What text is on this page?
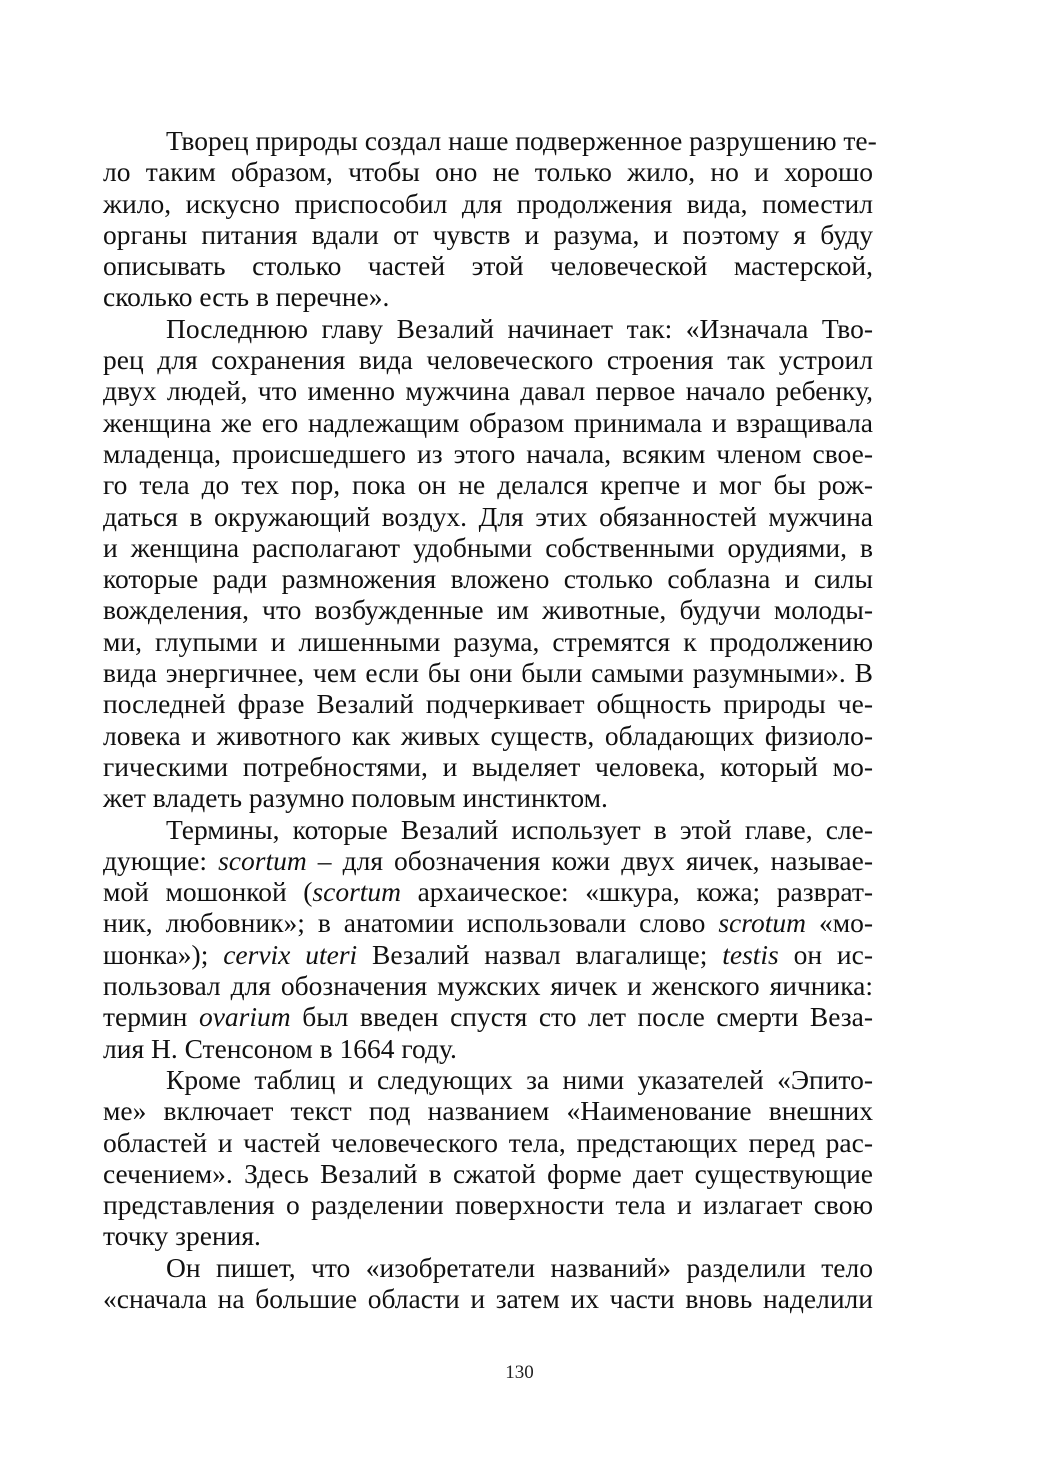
Творец природы создал наше подверженное разрушению те-
ло таким образом, чтобы оно не только жило, но и хорошо
жило, искусно приспособил для продолжения вида, поместил
органы питания вдали от чувств и разума, и поэтому я буду
описывать столько частей этой человеческой мастерской,
сколько есть в перечне».
Последнюю главу Везалий начинает так: «Изначала Тво-
рец для сохранения вида человеческого строения так устроил
двух людей, что именно мужчина давал первое начало ребенку,
женщина же его надлежащим образом принимала и взращивала
младенца, происшедшего из этого начала, всяким членом свое-
го тела до тех пор, пока он не делался крепче и мог бы рож-
даться в окружающий воздух. Для этих обязанностей мужчина
и женщина располагают удобными собственными орудиями, в
которые ради размножения вложено столько соблазна и силы
вожделения, что возбужденные им животные, будучи молоды-
ми, глупыми и лишенными разума, стремятся к продолжению
вида энергичнее, чем если бы они были самыми разумными». В
последней фразе Везалий подчеркивает общность природы че-
ловека и животного как живых существ, обладающих физиоло-
гическими потребностями, и выделяет человека, который мо-
жет владеть разумно половым инстинктом.
Термины, которые Везалий использует в этой главе, сле-
дующие: scortum – для обозначения кожи двух яичек, называе-
мой мошонкой (scortum архаическое: «шкура, кожа; разврат-
ник, любовник»; в анатомии использовали слово scrotum «мо-
шонка»); cervix uteri Везалий назвал влагалище; testis он ис-
пользовал для обозначения мужских яичек и женского яичника:
термин ovarium был введен спустя сто лет после смерти Веза-
лия Н. Стенсоном в 1664 году.
Кроме таблиц и следующих за ними указателей «Эпито-
ме» включает текст под названием «Наименование внешних
областей и частей человеческого тела, предстающих перед рас-
сечением». Здесь Везалий в сжатой форме дает существующие
представления о разделении поверхности тела и излагает свою
точку зрения.
Он пишет, что «изобретатели названий» разделили тело
«сначала на большие области и затем их части вновь наделили
130
